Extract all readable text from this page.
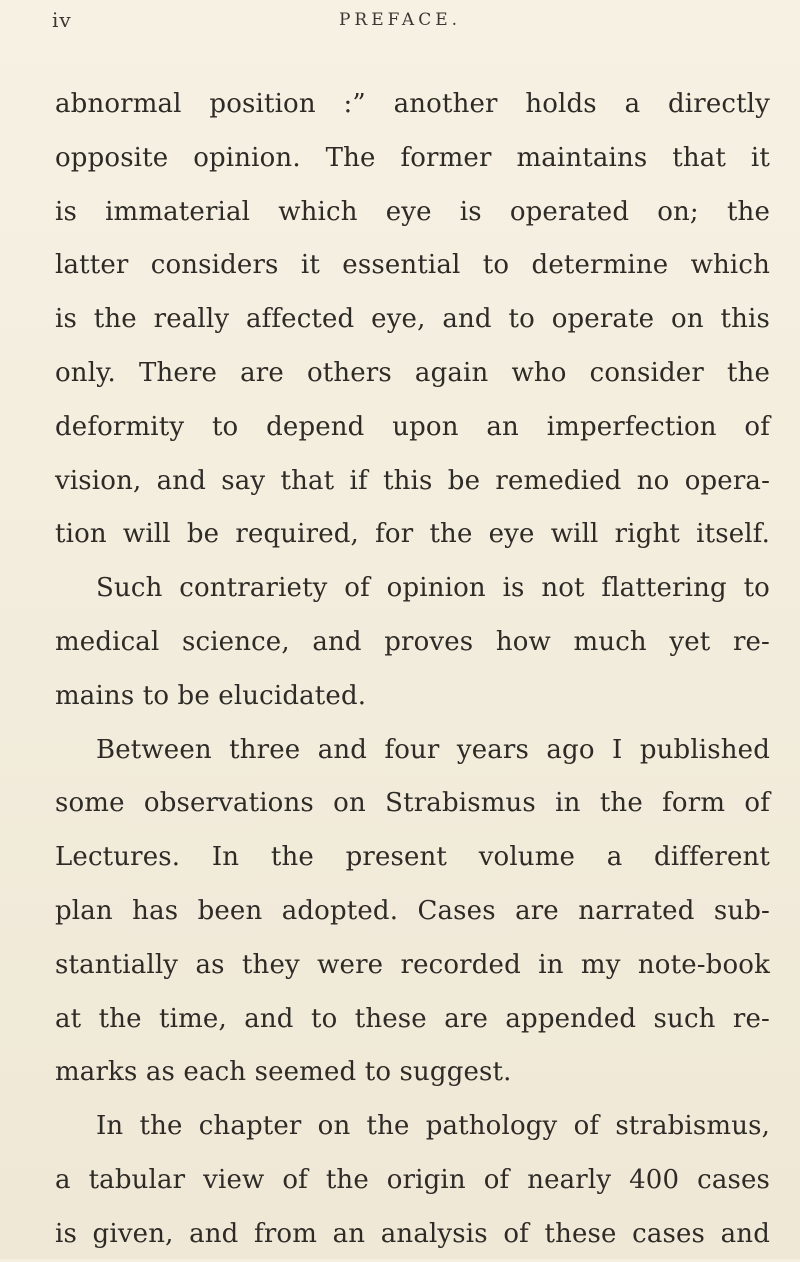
iv	PREFACE.
abnormal position :” another holds a directly
opposite opinion. The former maintains that it
is immaterial which eye is operated on; the
latter considers it essential to determine which
is the really affected eye, and to operate on this
only. There are others again who consider the
deformity to depend upon an imperfection of
vision, and say that if this be remedied no opera-
tion will be required, for the eye will right itself.
Such contrariety of opinion is not flattering to
medical science, and proves how much yet re-
mains to be elucidated.
Between three and four years ago I published
some observations on Strabismus in the form of
Lectures. In the present volume a different
plan has been adopted. Cases are narrated sub-
stantially as they were recorded in my note-book
at the time, and to these are appended such re-
marks as each seemed to suggest.
In the chapter on the pathology of strabismus,
a tabular view of the origin of nearly 400 cases
is given, and from an analysis of these cases and
